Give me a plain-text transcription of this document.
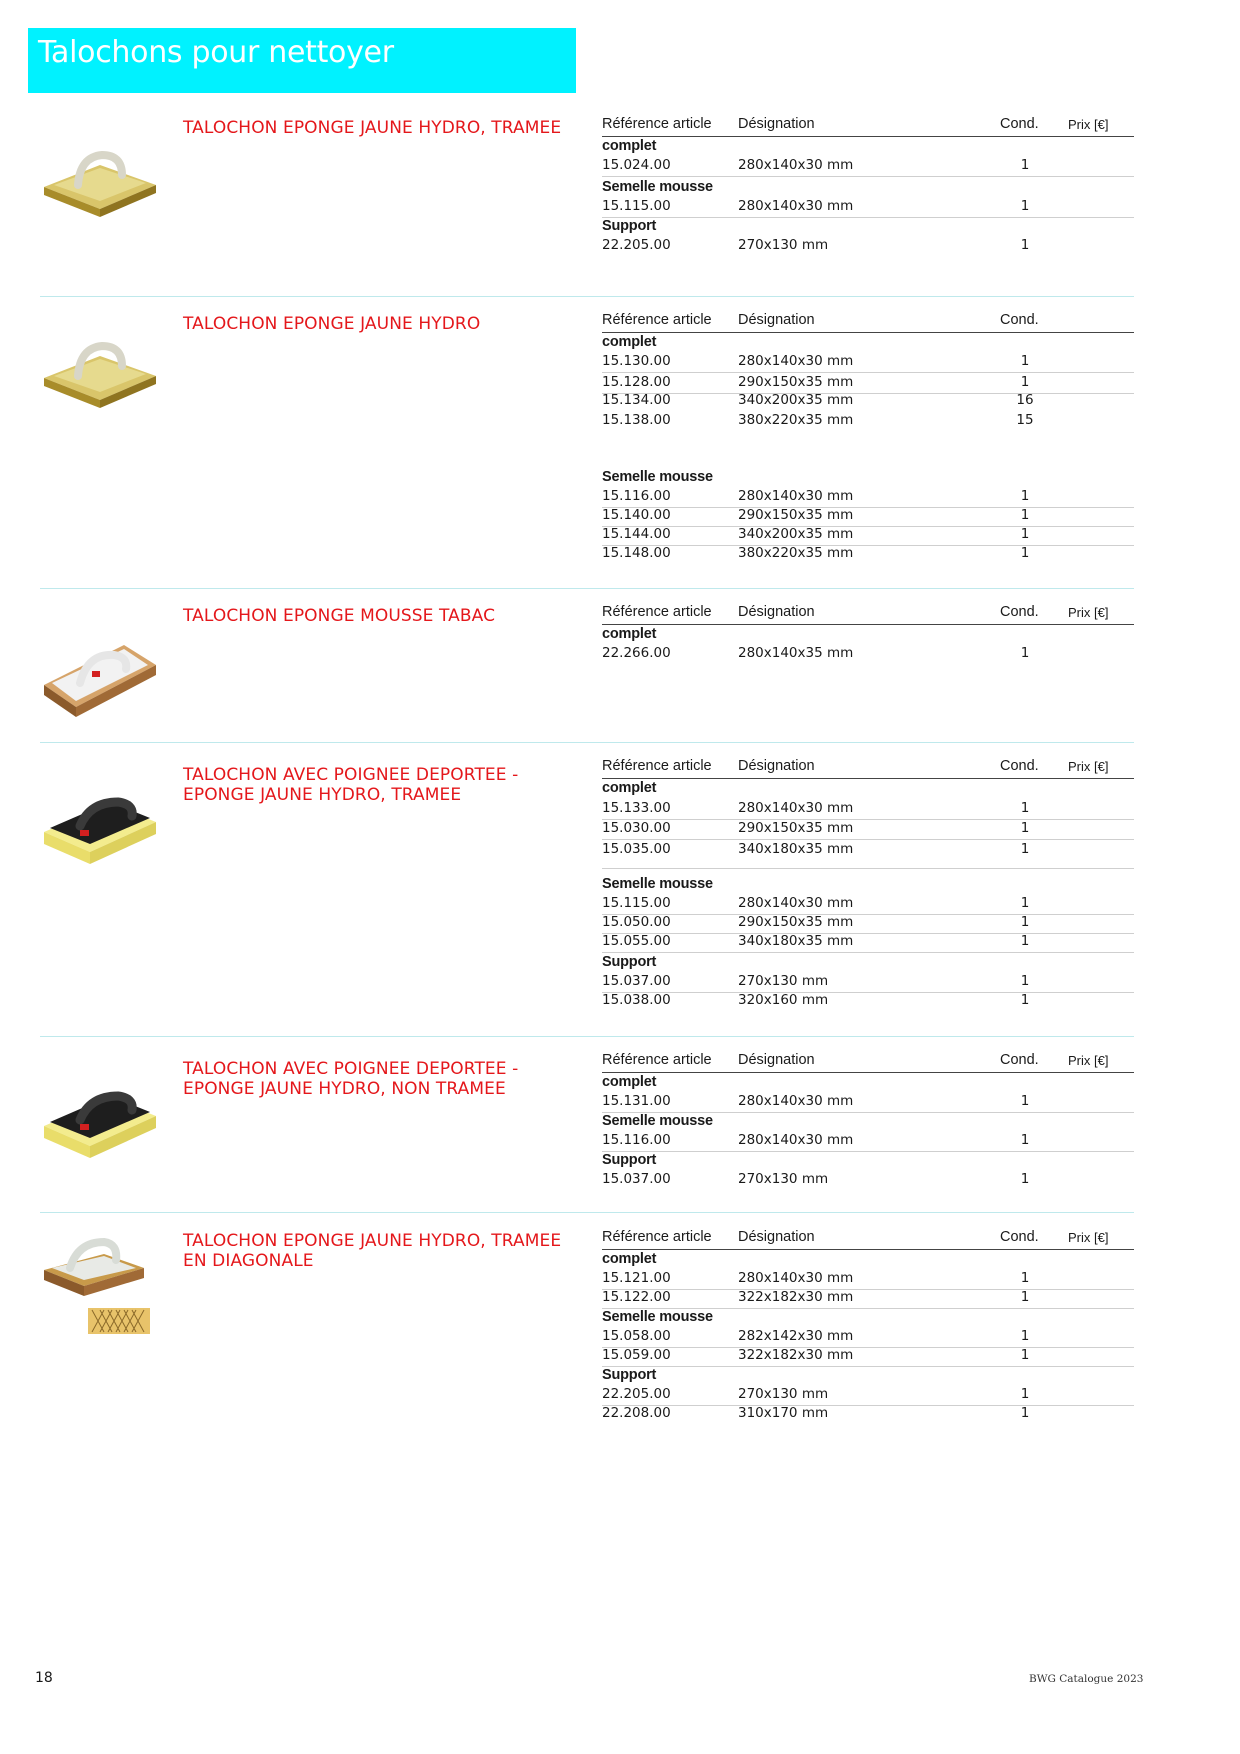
Talochons pour nettoyer
TALOCHON EPONGE JAUNE HYDRO, TRAMEE	Référence article Désignation	Cond. Prix [€]
complet
15.024.00	280x140x30 mm	1
Semelle mousse
15.115.00	280x140x30 mm	1
Support
22.205.00	270x130 mm	1
TALOCHON EPONGE JAUNE HYDRO	Référence article Désignation	Cond.
complet
15.130.00	280x140x30 mm	1
15.128.00	290x150x35 mm	1
15.134.00	340x200x35 mm	16
15.138.00	380x220x35 mm	15
Semelle mousse
15.116.00	280x140x30 mm	1
15.140.00	290x150x35 mm	1
15.144.00	340x200x35 mm	1
15.148.00	380x220x35 mm	1
TALOCHON EPONGE MOUSSE TABAC	Référence article Désignation	Cond. Prix [€]
complet
22.266.00	280x140x35 mm	1
TALOCHON AVEC POIGNEE DEPORTEE - EPONGE JAUNE HYDRO, TRAMEE
Référence article Désignation	Cond. Prix [€]
complet
15.133.00	280x140x30 mm	1
15.030.00	290x150x35 mm	1
15.035.00	340x180x35 mm	1
Semelle mousse
15.115.00	280x140x30 mm	1
15.050.00	290x150x35 mm	1
15.055.00	340x180x35 mm	1
Support
15.037.00	270x130 mm	1
15.038.00	320x160 mm	1
TALOCHON AVEC POIGNEE DEPORTEE - EPONGE JAUNE HYDRO, NON TRAMEE
Référence article Désignation	Cond. Prix [€]
complet
15.131.00	280x140x30 mm	1
Semelle mousse
15.116.00	280x140x30 mm	1
Support
15.037.00	270x130 mm	1
TALOCHON EPONGE JAUNE HYDRO, TRAMEE EN DIAGONALE
Référence article Désignation	Cond. Prix [€]
complet
15.121.00	280x140x30 mm	1
15.122.00	322x182x30 mm	1
Semelle mousse
15.058.00	282x142x30 mm	1
15.059.00	322x182x30 mm	1
Support
22.205.00	270x130 mm	1
22.208.00	310x170 mm	1
18	BWG Catalogue 2023
